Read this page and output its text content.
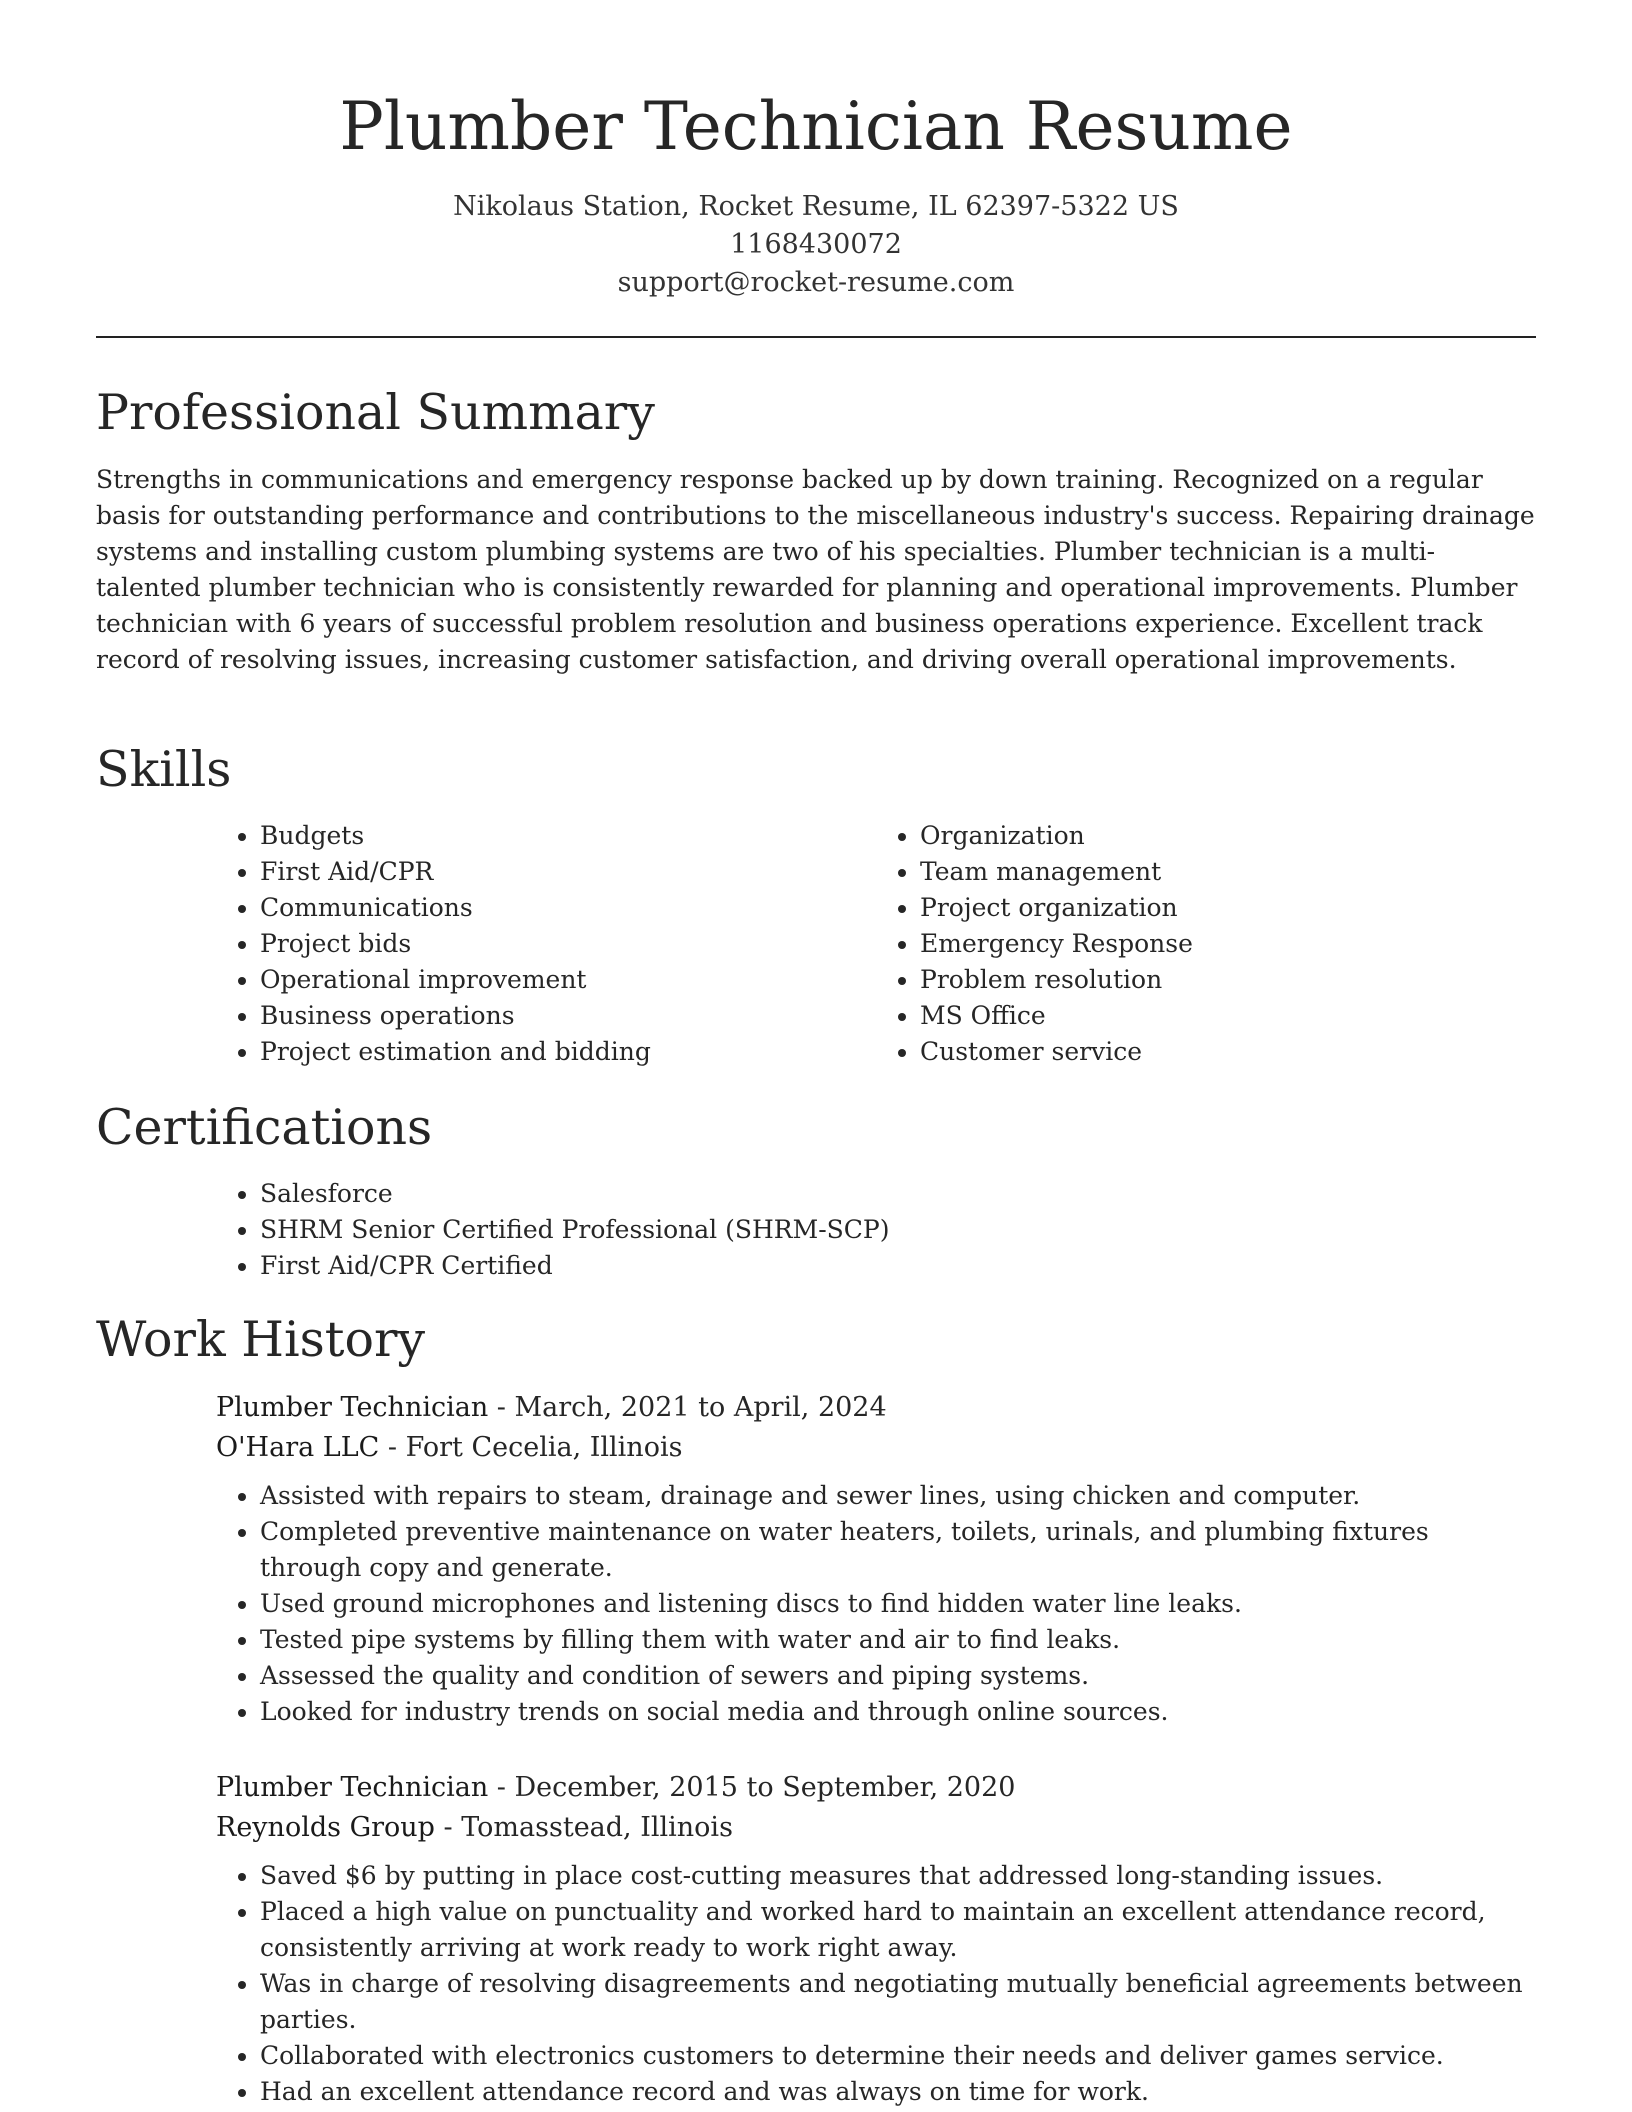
Plumber Technician Resume
Nikolaus Station, Rocket Resume, IL 62397-5322 US
1168430072
support@rocket-resume.com
Professional Summary

Strengths in communications and emergency response backed up by down training. Recognized on a regular basis for outstanding performance and contributions to the miscellaneous industry's success. Repairing drainage systems and installing custom plumbing systems are two of his specialties. Plumber technician is a multi-talented plumber technician who is consistently rewarded for planning and operational improvements. Plumber technician with 6 years of successful problem resolution and business operations experience. Excellent track record of resolving issues, increasing customer satisfaction, and driving overall operational improvements.

Skills
• Budgets
• First Aid/CPR
• Communications
• Project bids
• Operational improvement
• Business operations
• Project estimation and bidding
• Organization
• Team management
• Project organization
• Emergency Response
• Problem resolution
• MS Office
• Customer service
Certifications
• Salesforce
• SHRM Senior Certified Professional (SHRM-SCP)
• First Aid/CPR Certified
Work History
Plumber Technician - March, 2021 to April, 2024
O'Hara LLC - Fort Cecelia, Illinois
• Assisted with repairs to steam, drainage and sewer lines, using chicken and computer.
• Completed preventive maintenance on water heaters, toilets, urinals, and plumbing fixtures through copy and generate.
• Used ground microphones and listening discs to find hidden water line leaks.
• Tested pipe systems by filling them with water and air to find leaks.
• Assessed the quality and condition of sewers and piping systems.
• Looked for industry trends on social media and through online sources.
Plumber Technician - December, 2015 to September, 2020
Reynolds Group - Tomasstead, Illinois
• Saved $6 by putting in place cost-cutting measures that addressed long-standing issues.
• Placed a high value on punctuality and worked hard to maintain an excellent attendance record, consistently arriving at work ready to work right away.
• Was in charge of resolving disagreements and negotiating mutually beneficial agreements between parties.
• Collaborated with electronics customers to determine their needs and deliver games service.
• Had an excellent attendance record and was always on time for work.
